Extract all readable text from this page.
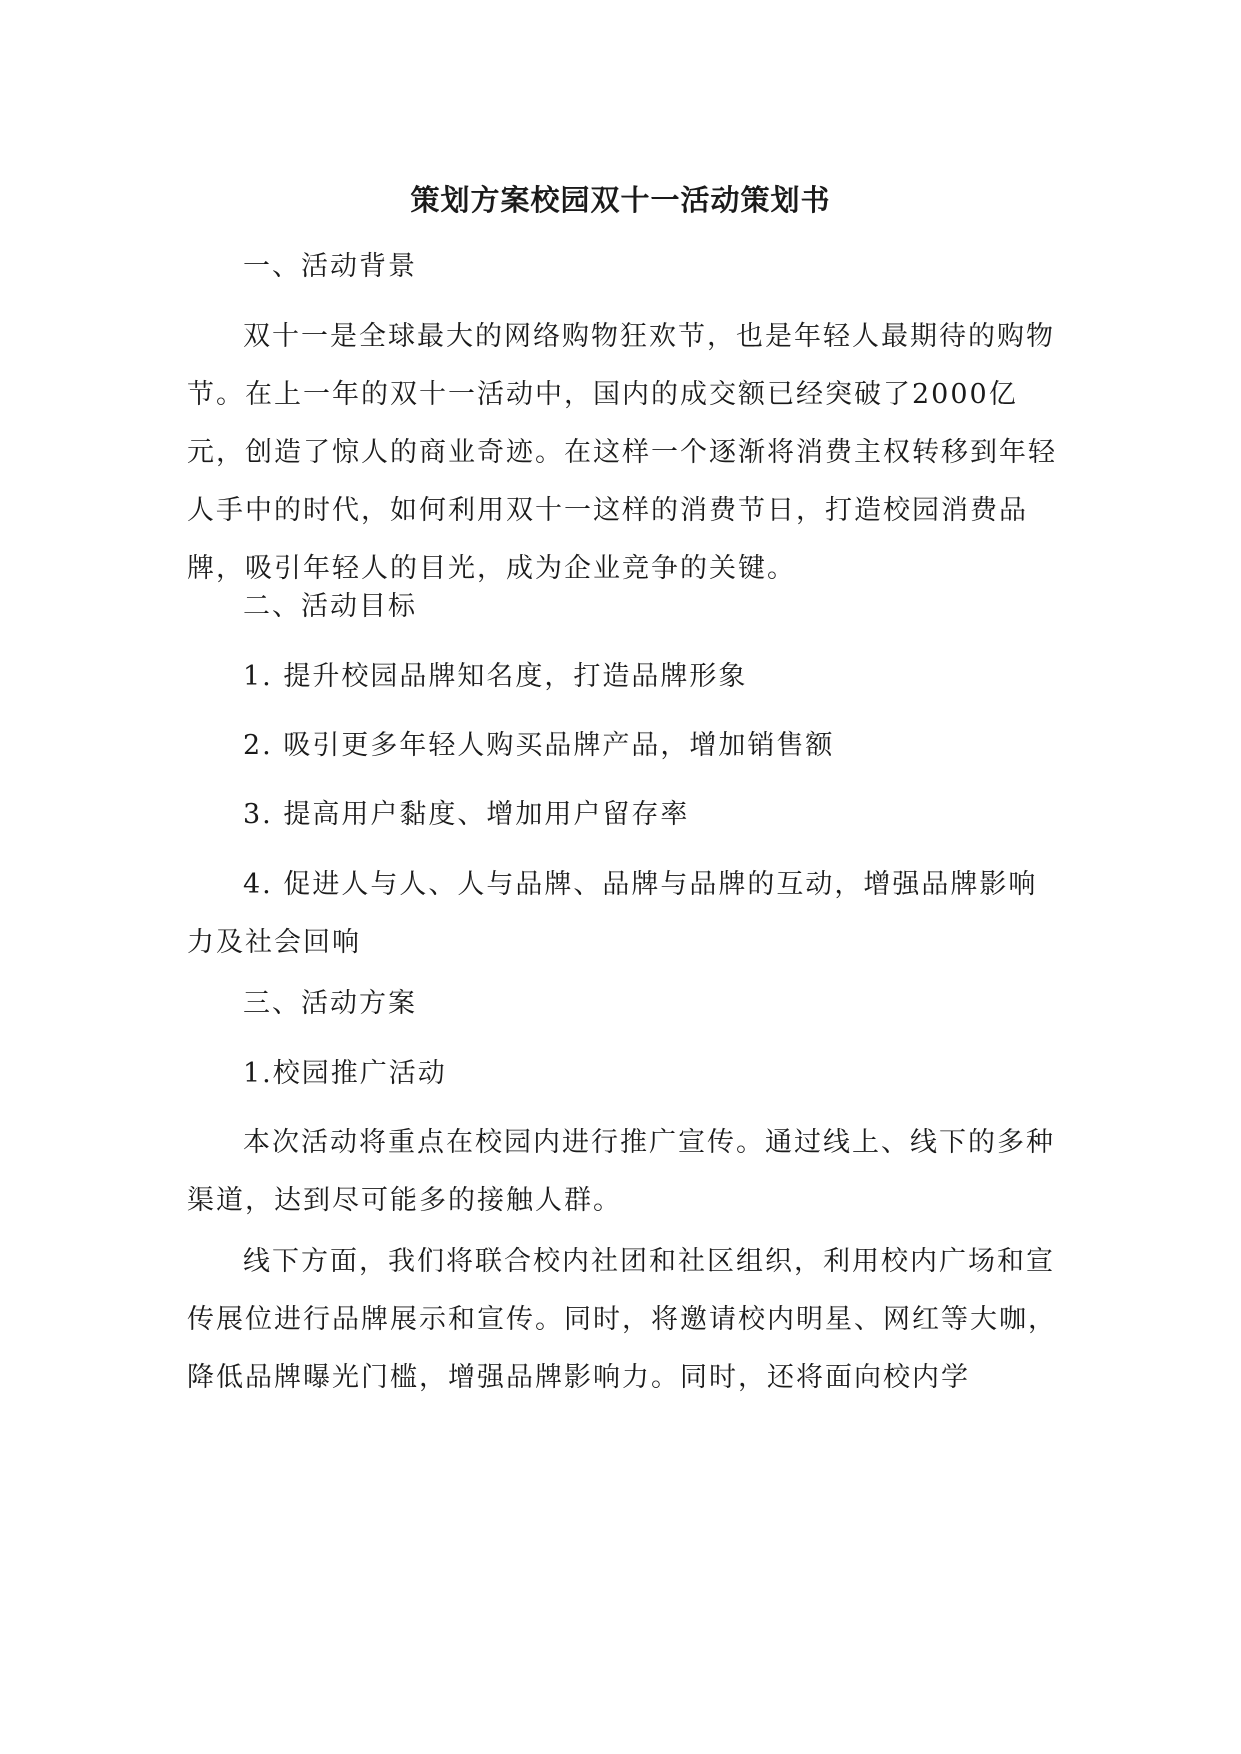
策划方案校园双十一活动策划书

一、活动背景

双十一是全球最大的网络购物狂欢节，也是年轻人最期待的购物节。在上一年的双十一活动中，国内的成交额已经突破了2000亿元，创造了惊人的商业奇迹。在这样一个逐渐将消费主权转移到年轻人手中的时代，如何利用双十一这样的消费节日，打造校园消费品牌，吸引年轻人的目光，成为企业竞争的关键。

二、活动目标

1. 提升校园品牌知名度，打造品牌形象

2. 吸引更多年轻人购买品牌产品，增加销售额

3. 提高用户黏度、增加用户留存率

4. 促进人与人、人与品牌、品牌与品牌的互动，增强品牌影响力及社会回响

三、活动方案

1.校园推广活动

本次活动将重点在校园内进行推广宣传。通过线上、线下的多种渠道，达到尽可能多的接触人群。

线下方面，我们将联合校内社团和社区组织，利用校内广场和宣传展位进行品牌展示和宣传。同时，将邀请校内明星、网红等大咖，降低品牌曝光门槛，增强品牌影响力。同时，还将面向校内学
